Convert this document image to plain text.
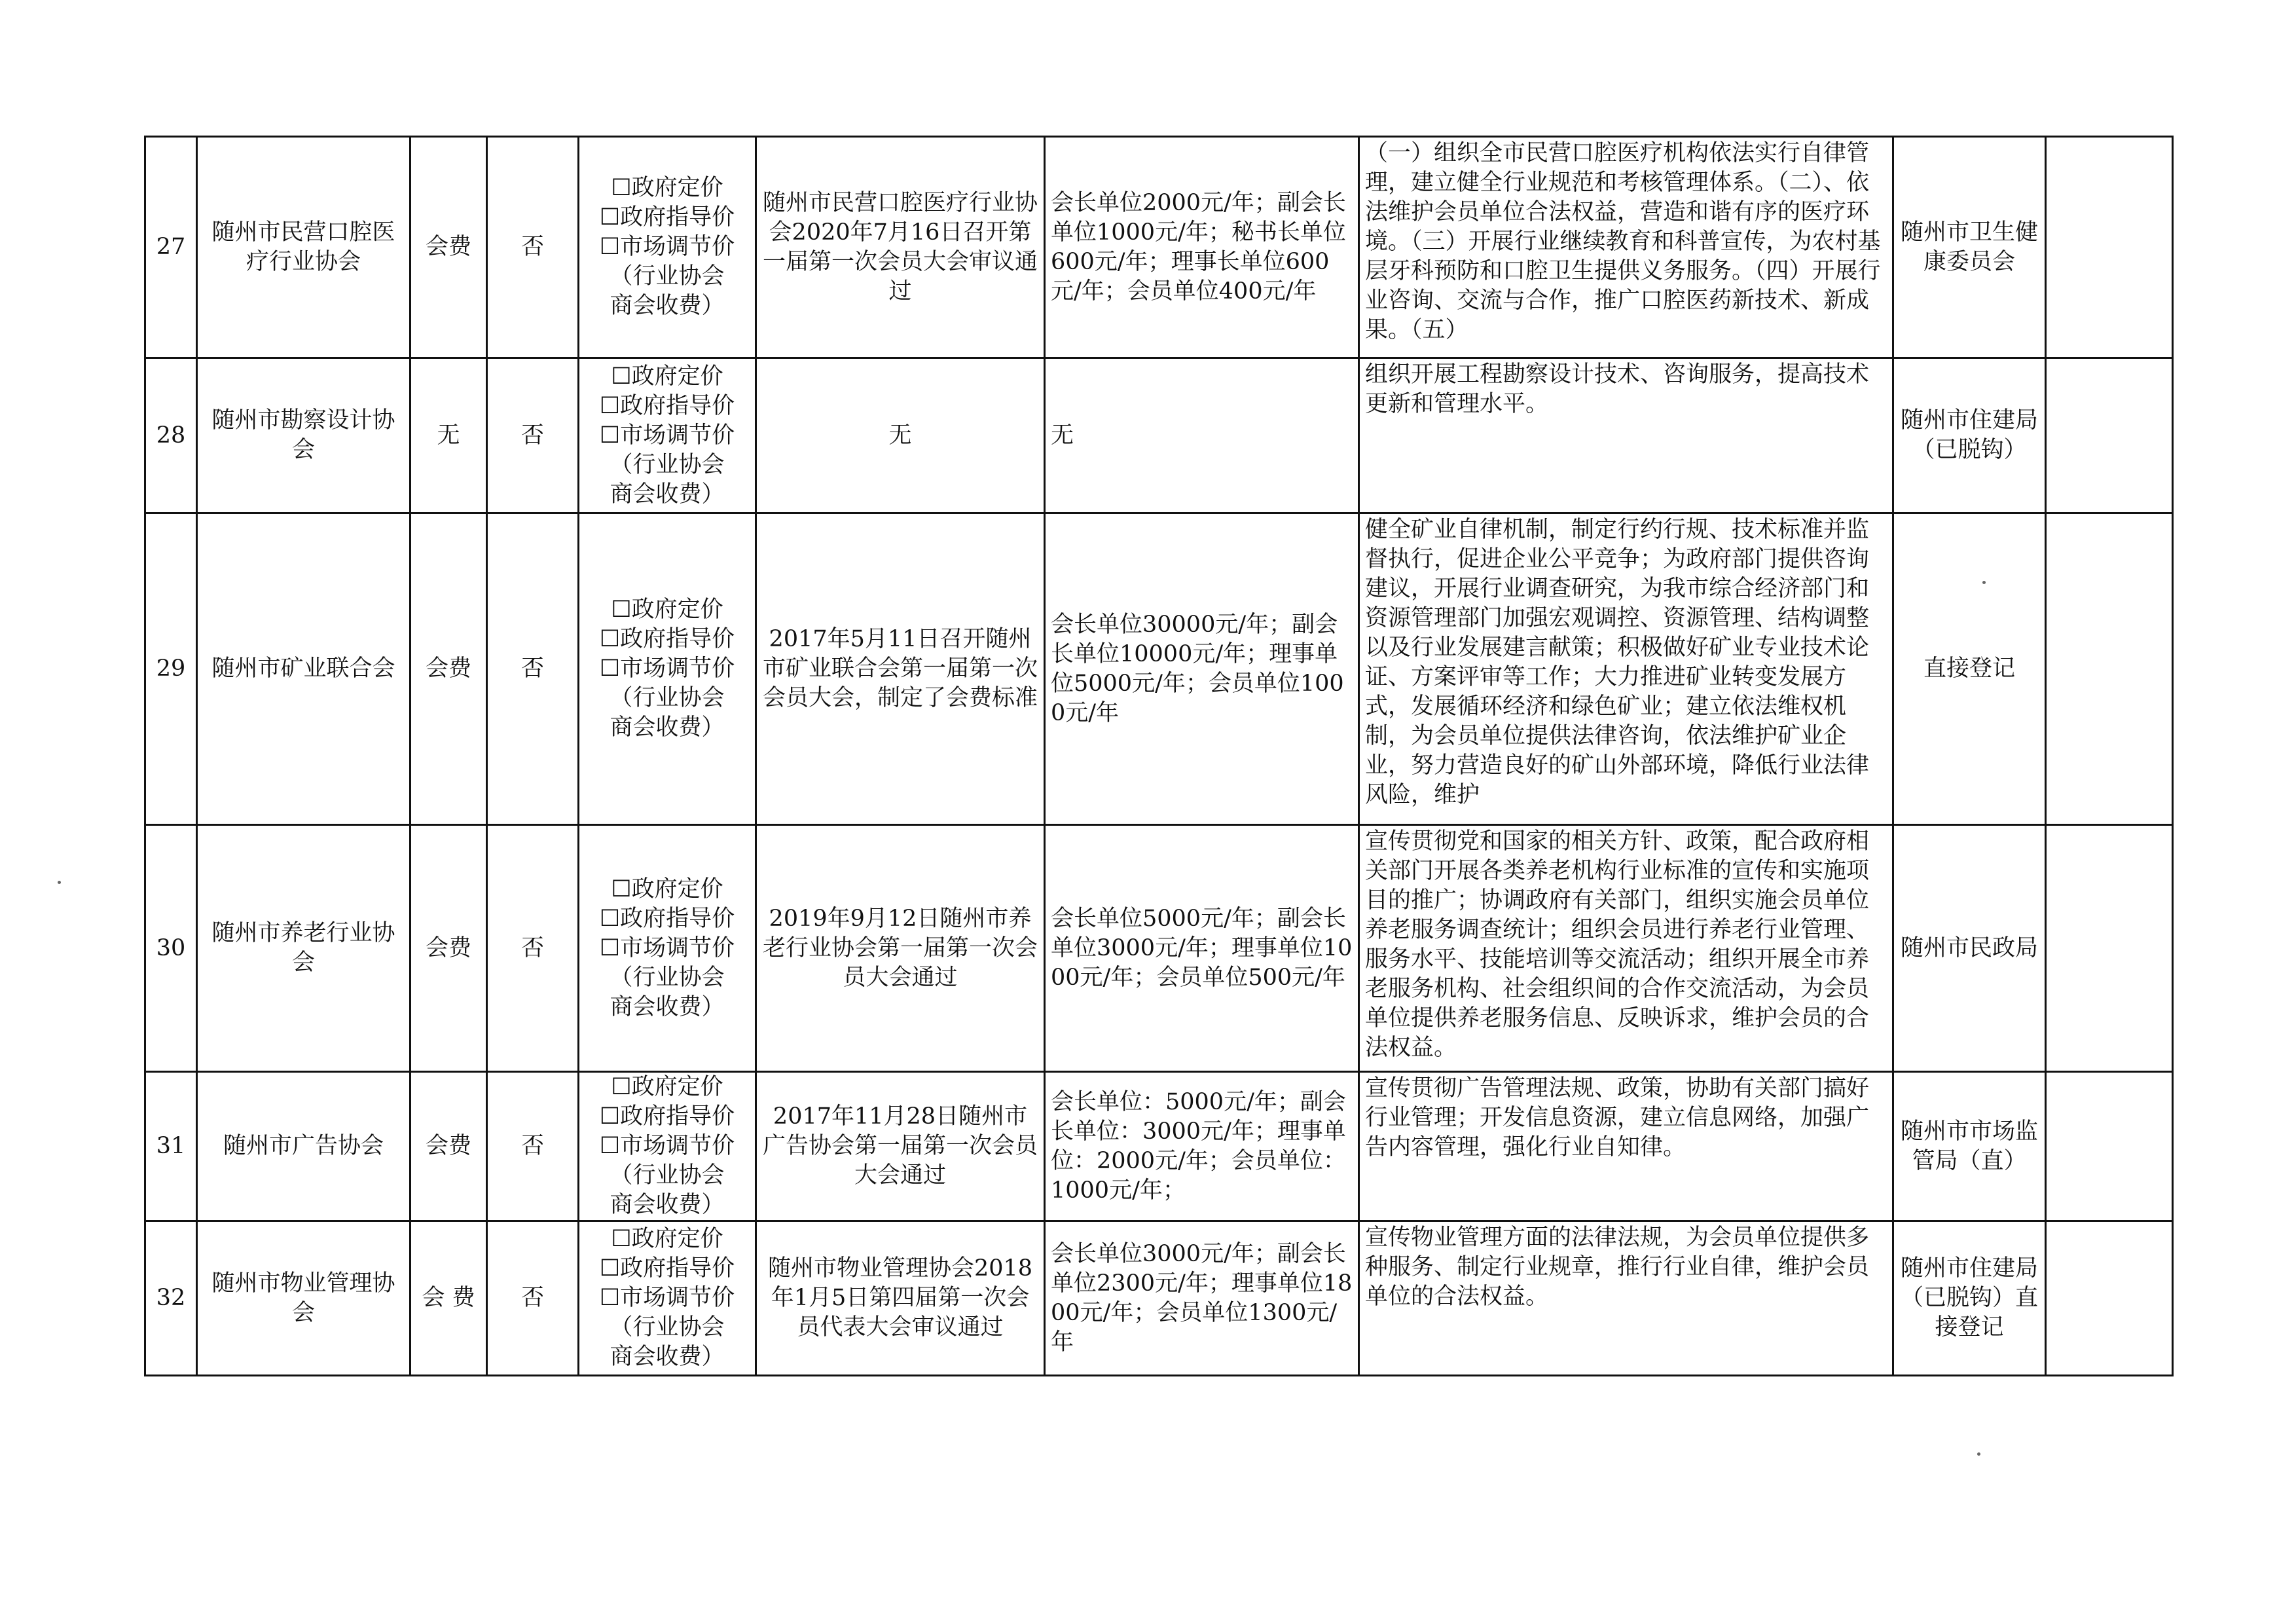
27	随州市民营口腔医疗行业协会	会费	否	☐政府定价
☐政府指导价
☐市场调节价
（行业协会
商会收费）	随州市民营口腔医疗行业协会2020年7月16日召开第一届第一次会员大会审议通过	会长单位2000元/年；副会长单位1000元/年；秘书长单位600元/年；理事长单位600元/年；会员单位400元/年	（一）组织全市民营口腔医疗机构依法实行自律管理，建立健全行业规范和考核管理体系。（二）、依法维护会员单位合法权益，营造和谐有序的医疗环境。（三）开展行业继续教育和科普宣传，为农村基层牙科预防和口腔卫生提供义务服务。（四）开展行业咨询、交流与合作，推广口腔医药新技术、新成果。（五）	随州市卫生健康委员会	
28	随州市勘察设计协会	无	否	☐政府定价
☐政府指导价
☐市场调节价
（行业协会
商会收费）	无	无	组织开展工程勘察设计技术、咨询服务，提高技术更新和管理水平。	随州市住建局（已脱钩）	
29	随州市矿业联合会	会费	否	☐政府定价
☐政府指导价
☐市场调节价
（行业协会
商会收费）	2017年5月11日召开随州市矿业联合会第一届第一次会员大会，制定了会费标准	会长单位30000元/年；副会长单位10000元/年；理事单位5000元/年；会员单位1000元/年	健全矿业自律机制，制定行约行规、技术标准并监督执行，促进企业公平竞争；为政府部门提供咨询建议，开展行业调查研究，为我市综合经济部门和资源管理部门加强宏观调控、资源管理、结构调整以及行业发展建言献策；积极做好矿业专业技术论证、方案评审等工作；大力推进矿业转变发展方式，发展循环经济和绿色矿业；建立依法维权机制，为会员单位提供法律咨询，依法维护矿业企业，努力营造良好的矿山外部环境，降低行业法律风险，维护	直接登记	
30	随州市养老行业协会	会费	否	☐政府定价
☐政府指导价
☐市场调节价
（行业协会
商会收费）	2019年9月12日随州市养老行业协会第一届第一次会员大会通过	会长单位5000元/年；副会长单位3000元/年；理事单位1000元/年；会员单位500元/年	宣传贯彻党和国家的相关方针、政策，配合政府相关部门开展各类养老机构行业标准的宣传和实施项目的推广；协调政府有关部门，组织实施会员单位养老服务调查统计；组织会员进行养老行业管理、服务水平、技能培训等交流活动；组织开展全市养老服务机构、社会组织间的合作交流活动，为会员单位提供养老服务信息、反映诉求，维护会员的合法权益。	随州市民政局	
31	随州市广告协会	会费	否	☐政府定价
☐政府指导价
☐市场调节价
（行业协会
商会收费）	2017年11月28日随州市广告协会第一届第一次会员大会通过	会长单位：5000元/年；副会长单位：3000元/年；理事单位：2000元/年；会员单位：1000元/年；	宣传贯彻广告管理法规、政策，协助有关部门搞好行业管理；开发信息资源，建立信息网络，加强广告内容管理，强化行业自知律。	随州市市场监管局（直）	
32	随州市物业管理协会	会 费	否	☐政府定价
☐政府指导价
☐市场调节价
（行业协会
商会收费）	随州市物业管理协会2018年1月5日第四届第一次会员代表大会审议通过	会长单位3000元/年；副会长单位2300元/年；理事单位1800元/年；会员单位1300元/年	宣传物业管理方面的法律法规，为会员单位提供多种服务、制定行业规章，推行行业自律，维护会员单位的合法权益。	随州市住建局（已脱钩）直接登记	
